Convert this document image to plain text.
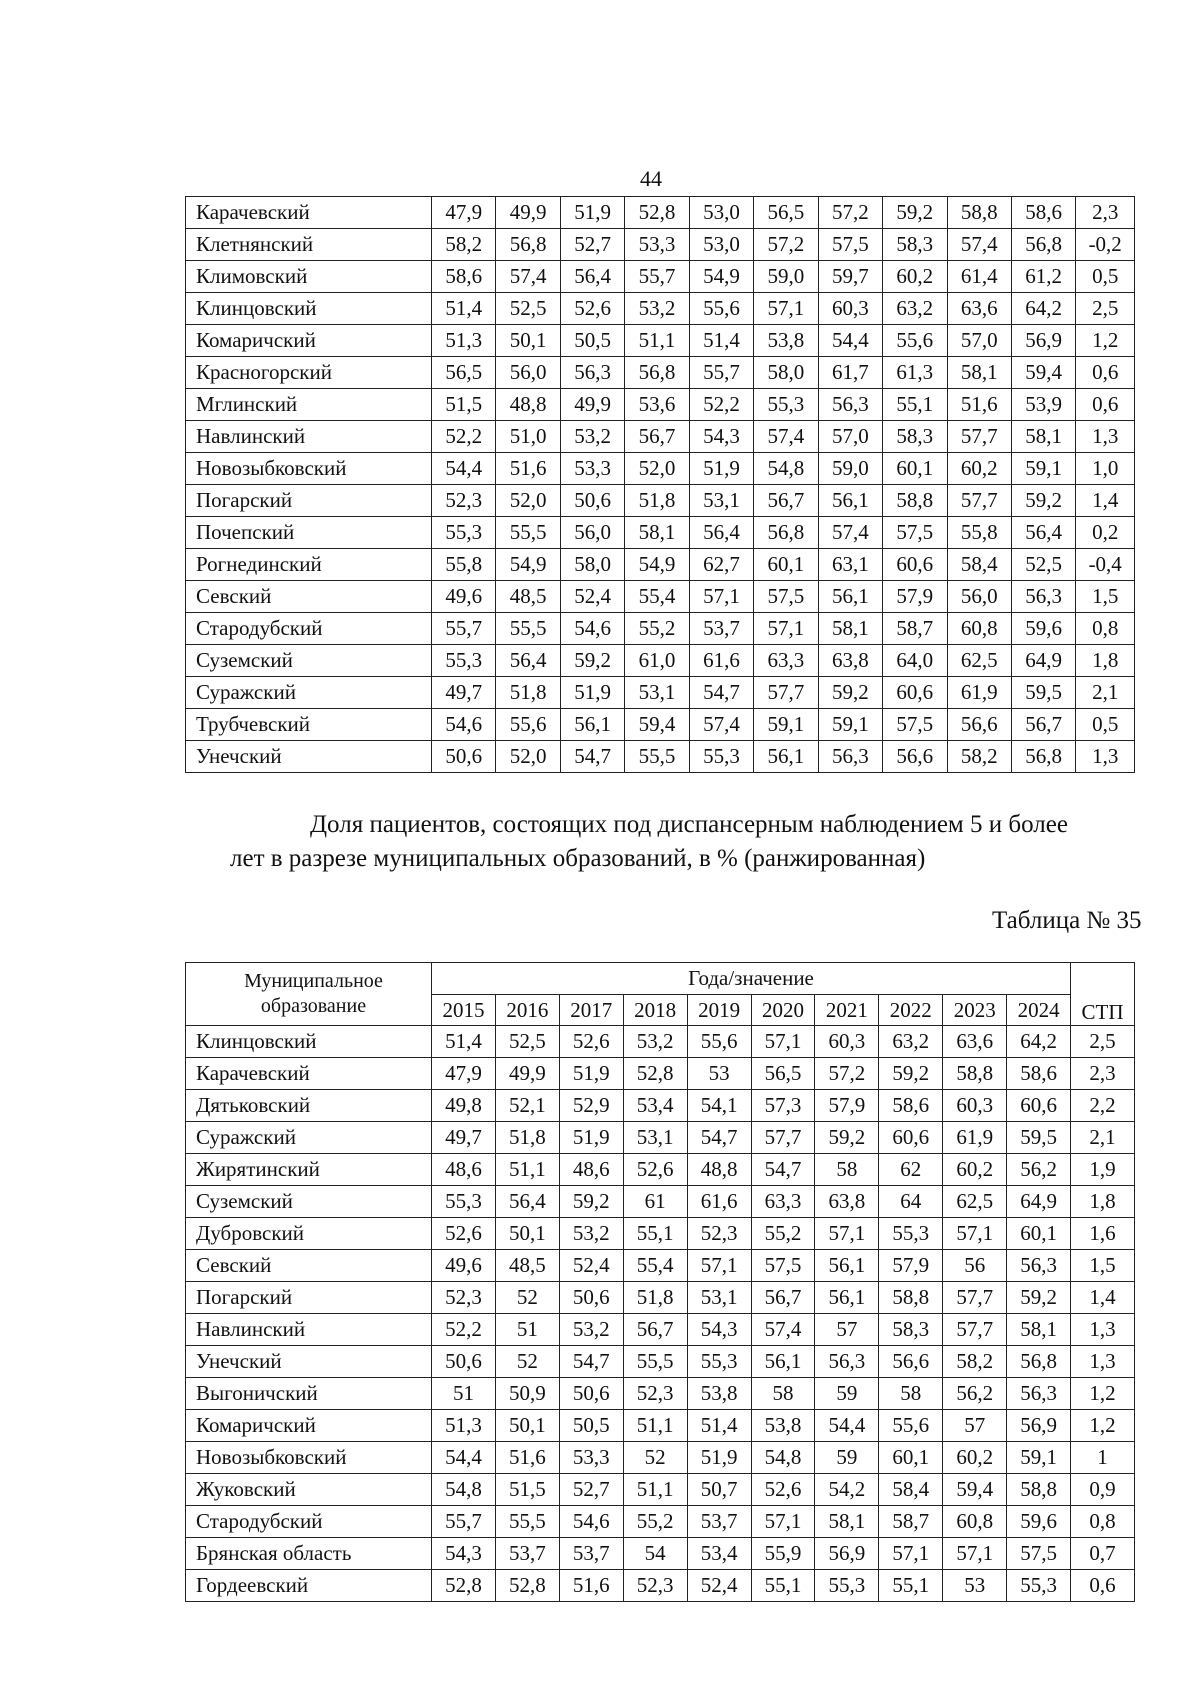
44
Карачевский	47,9	49,9	51,9	52,8	53,0	56,5	57,2	59,2	58,8	58,6	2,3
Клетнянский	58,2	56,8	52,7	53,3	53,0	57,2	57,5	58,3	57,4	56,8	-0,2
Климовский	58,6	57,4	56,4	55,7	54,9	59,0	59,7	60,2	61,4	61,2	0,5
Клинцовский	51,4	52,5	52,6	53,2	55,6	57,1	60,3	63,2	63,6	64,2	2,5
Комаричский	51,3	50,1	50,5	51,1	51,4	53,8	54,4	55,6	57,0	56,9	1,2
Красногорский	56,5	56,0	56,3	56,8	55,7	58,0	61,7	61,3	58,1	59,4	0,6
Мглинский	51,5	48,8	49,9	53,6	52,2	55,3	56,3	55,1	51,6	53,9	0,6
Навлинский	52,2	51,0	53,2	56,7	54,3	57,4	57,0	58,3	57,7	58,1	1,3
Новозыбковский	54,4	51,6	53,3	52,0	51,9	54,8	59,0	60,1	60,2	59,1	1,0
Погарский	52,3	52,0	50,6	51,8	53,1	56,7	56,1	58,8	57,7	59,2	1,4
Почепский	55,3	55,5	56,0	58,1	56,4	56,8	57,4	57,5	55,8	56,4	0,2
Рогнединский	55,8	54,9	58,0	54,9	62,7	60,1	63,1	60,6	58,4	52,5	-0,4
Севский	49,6	48,5	52,4	55,4	57,1	57,5	56,1	57,9	56,0	56,3	1,5
Стародубский	55,7	55,5	54,6	55,2	53,7	57,1	58,1	58,7	60,8	59,6	0,8
Суземский	55,3	56,4	59,2	61,0	61,6	63,3	63,8	64,0	62,5	64,9	1,8
Суражский	49,7	51,8	51,9	53,1	54,7	57,7	59,2	60,6	61,9	59,5	2,1
Трубчевский	54,6	55,6	56,1	59,4	57,4	59,1	59,1	57,5	56,6	56,7	0,5
Унечский	50,6	52,0	54,7	55,5	55,3	56,1	56,3	56,6	58,2	56,8	1,3
Доля пациентов, состоящих под диспансерным наблюдением 5 и более
лет в разрезе муниципальных образований, в % (ранжированная)
Таблица № 35
Муниципальное образование	Года/значение										СТП
	2015	2016	2017	2018	2019	2020	2021	2022	2023	2024	
Клинцовский	51,4	52,5	52,6	53,2	55,6	57,1	60,3	63,2	63,6	64,2	2,5
Карачевский	47,9	49,9	51,9	52,8	53	56,5	57,2	59,2	58,8	58,6	2,3
Дятьковский	49,8	52,1	52,9	53,4	54,1	57,3	57,9	58,6	60,3	60,6	2,2
Суражский	49,7	51,8	51,9	53,1	54,7	57,7	59,2	60,6	61,9	59,5	2,1
Жирятинский	48,6	51,1	48,6	52,6	48,8	54,7	58	62	60,2	56,2	1,9
Суземский	55,3	56,4	59,2	61	61,6	63,3	63,8	64	62,5	64,9	1,8
Дубровский	52,6	50,1	53,2	55,1	52,3	55,2	57,1	55,3	57,1	60,1	1,6
Севский	49,6	48,5	52,4	55,4	57,1	57,5	56,1	57,9	56	56,3	1,5
Погарский	52,3	52	50,6	51,8	53,1	56,7	56,1	58,8	57,7	59,2	1,4
Навлинский	52,2	51	53,2	56,7	54,3	57,4	57	58,3	57,7	58,1	1,3
Унечский	50,6	52	54,7	55,5	55,3	56,1	56,3	56,6	58,2	56,8	1,3
Выгоничский	51	50,9	50,6	52,3	53,8	58	59	58	56,2	56,3	1,2
Комаричский	51,3	50,1	50,5	51,1	51,4	53,8	54,4	55,6	57	56,9	1,2
Новозыбковский	54,4	51,6	53,3	52	51,9	54,8	59	60,1	60,2	59,1	1
Жуковский	54,8	51,5	52,7	51,1	50,7	52,6	54,2	58,4	59,4	58,8	0,9
Стародубский	55,7	55,5	54,6	55,2	53,7	57,1	58,1	58,7	60,8	59,6	0,8
Брянская область	54,3	53,7	53,7	54	53,4	55,9	56,9	57,1	57,1	57,5	0,7
Гордеевский	52,8	52,8	51,6	52,3	52,4	55,1	55,3	55,1	53	55,3	0,6
